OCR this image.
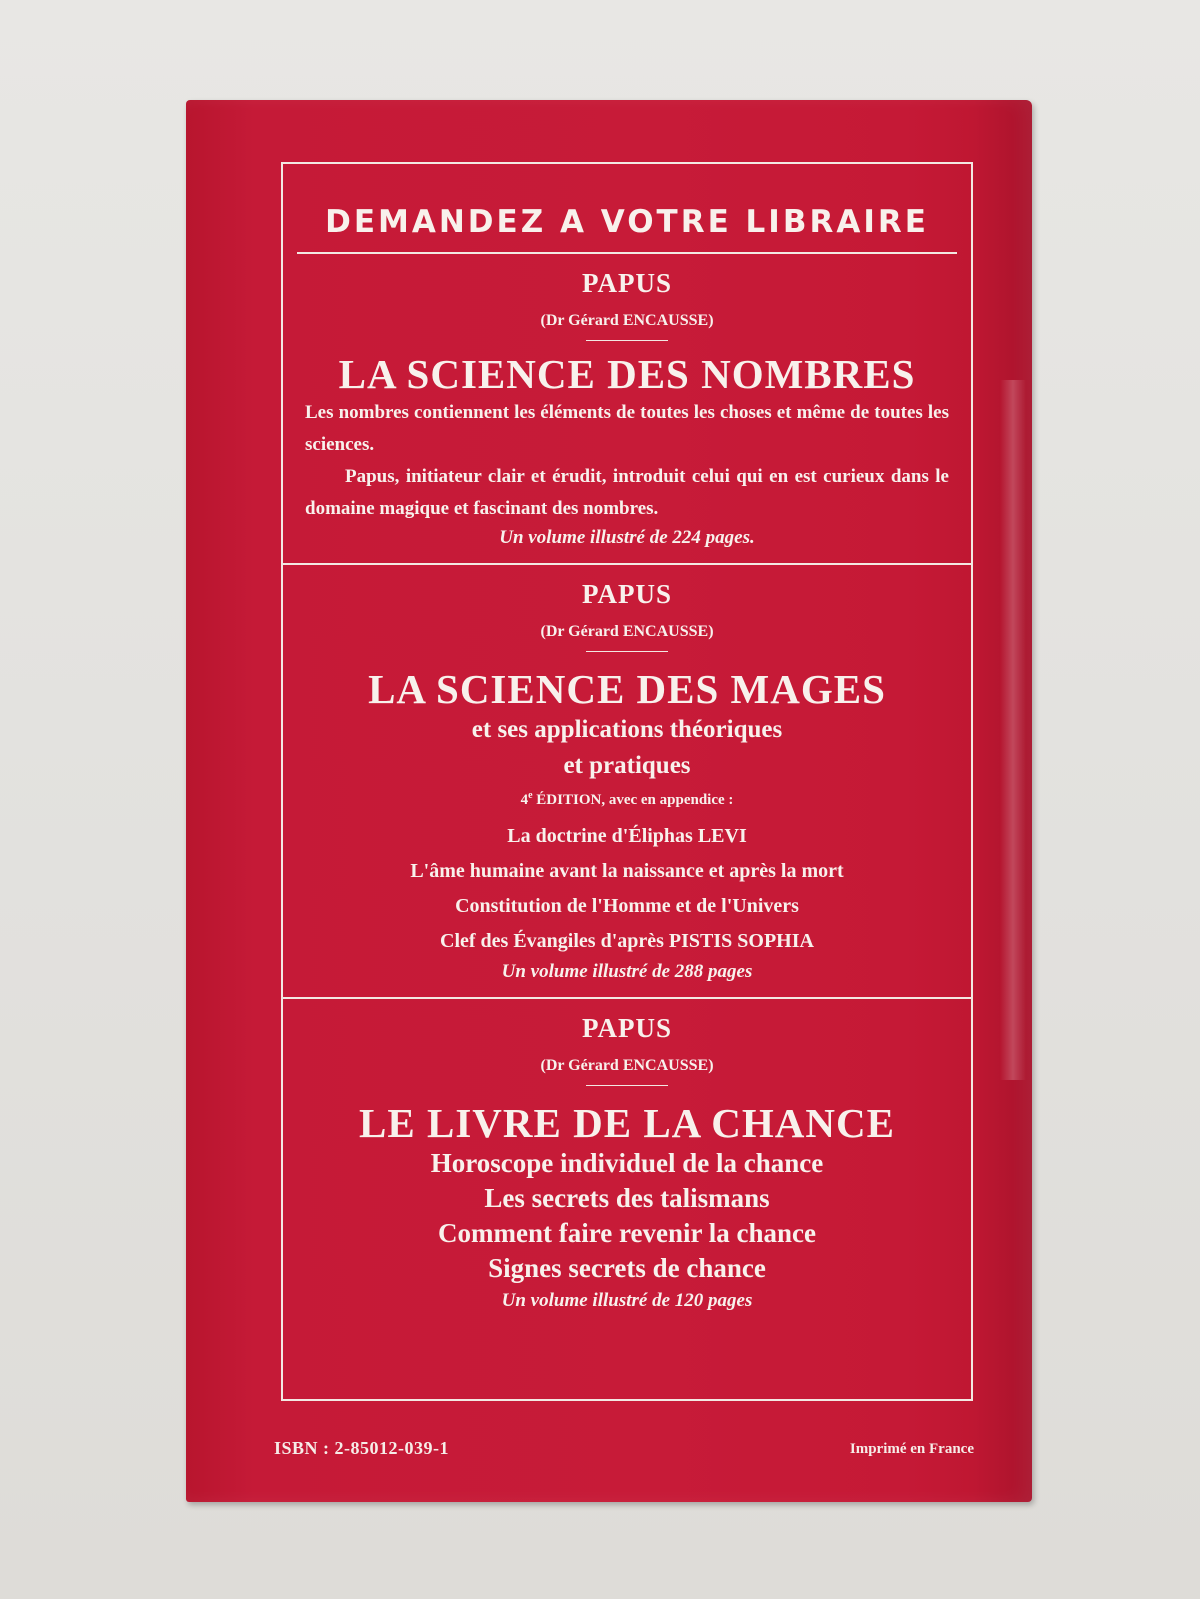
DEMANDEZ A VOTRE LIBRAIRE
PAPUS
(Dr Gérard ENCAUSSE)
LA SCIENCE DES NOMBRES
Les nombres contiennent les éléments de toutes les choses et même de toutes les sciences.
Papus, initiateur clair et érudit, introduit celui qui en est curieux dans le domaine magique et fascinant des nombres.
Un volume illustré de 224 pages.
PAPUS
(Dr Gérard ENCAUSSE)
LA SCIENCE DES MAGES
et ses applications théoriques
et pratiques
4e ÉDITION, avec en appendice :
La doctrine d'Éliphas LEVI
L'âme humaine avant la naissance et après la mort
Constitution de l'Homme et de l'Univers
Clef des Évangiles d'après PISTIS SOPHIA
Un volume illustré de 288 pages
PAPUS
(Dr Gérard ENCAUSSE)
LE LIVRE DE LA CHANCE
Horoscope individuel de la chance
Les secrets des talismans
Comment faire revenir la chance
Signes secrets de chance
Un volume illustré de 120 pages
ISBN : 2-85012-039-1	Imprimé en France
